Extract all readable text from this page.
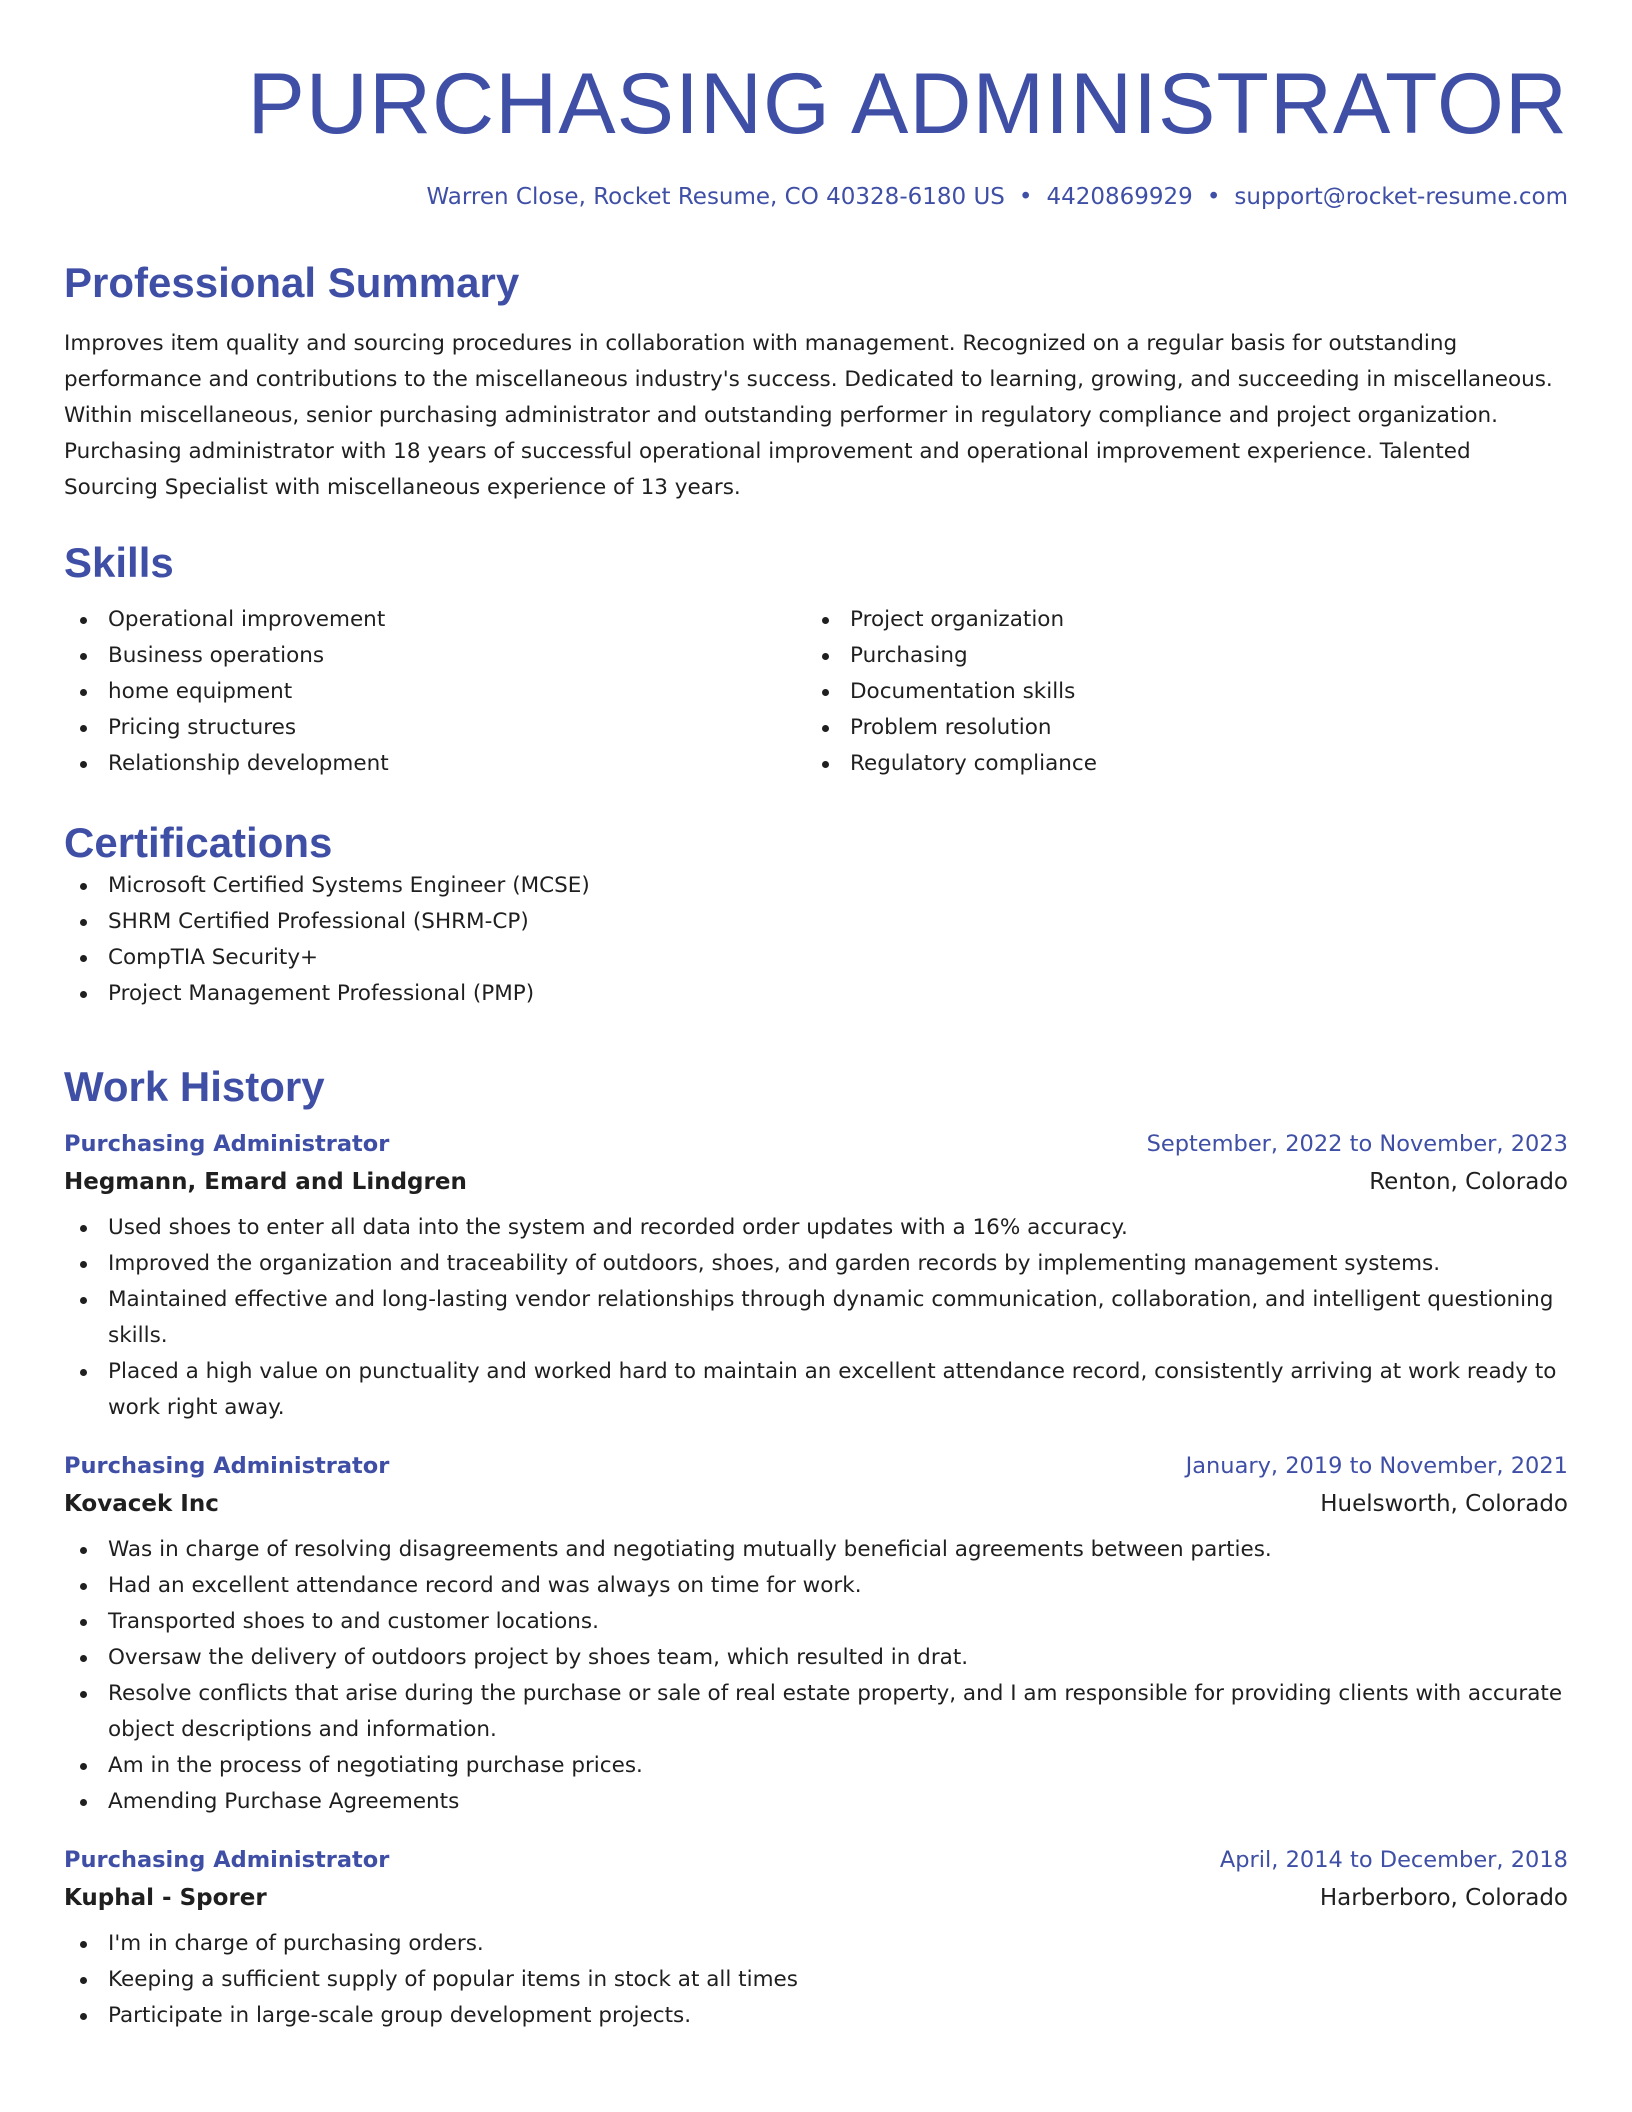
PURCHASING ADMINISTRATOR
Warren Close, Rocket Resume, CO 40328-6180 US • 4420869929 • support@rocket-resume.com
Professional Summary
Improves item quality and sourcing procedures in collaboration with management. Recognized on a regular basis for outstanding performance and contributions to the miscellaneous industry's success. Dedicated to learning, growing, and succeeding in miscellaneous. Within miscellaneous, senior purchasing administrator and outstanding performer in regulatory compliance and project organization. Purchasing administrator with 18 years of successful operational improvement and operational improvement experience. Talented Sourcing Specialist with miscellaneous experience of 13 years.
Skills
Operational improvement
Business operations
home equipment
Pricing structures
Relationship development
Project organization
Purchasing
Documentation skills
Problem resolution
Regulatory compliance
Certifications
Microsoft Certified Systems Engineer (MCSE)
SHRM Certified Professional (SHRM-CP)
CompTIA Security+
Project Management Professional (PMP)
Work History
Purchasing Administrator	September, 2022 to November, 2023
Hegmann, Emard and Lindgren	Renton, Colorado
Used shoes to enter all data into the system and recorded order updates with a 16% accuracy.
Improved the organization and traceability of outdoors, shoes, and garden records by implementing management systems.
Maintained effective and long-lasting vendor relationships through dynamic communication, collaboration, and intelligent questioning skills.
Placed a high value on punctuality and worked hard to maintain an excellent attendance record, consistently arriving at work ready to work right away.
Purchasing Administrator	January, 2019 to November, 2021
Kovacek Inc	Huelsworth, Colorado
Was in charge of resolving disagreements and negotiating mutually beneficial agreements between parties.
Had an excellent attendance record and was always on time for work.
Transported shoes to and customer locations.
Oversaw the delivery of outdoors project by shoes team, which resulted in drat.
Resolve conflicts that arise during the purchase or sale of real estate property, and I am responsible for providing clients with accurate object descriptions and information.
Am in the process of negotiating purchase prices.
Amending Purchase Agreements
Purchasing Administrator	April, 2014 to December, 2018
Kuphal - Sporer	Harberboro, Colorado
I'm in charge of purchasing orders.
Keeping a sufficient supply of popular items in stock at all times
Participate in large-scale group development projects.
